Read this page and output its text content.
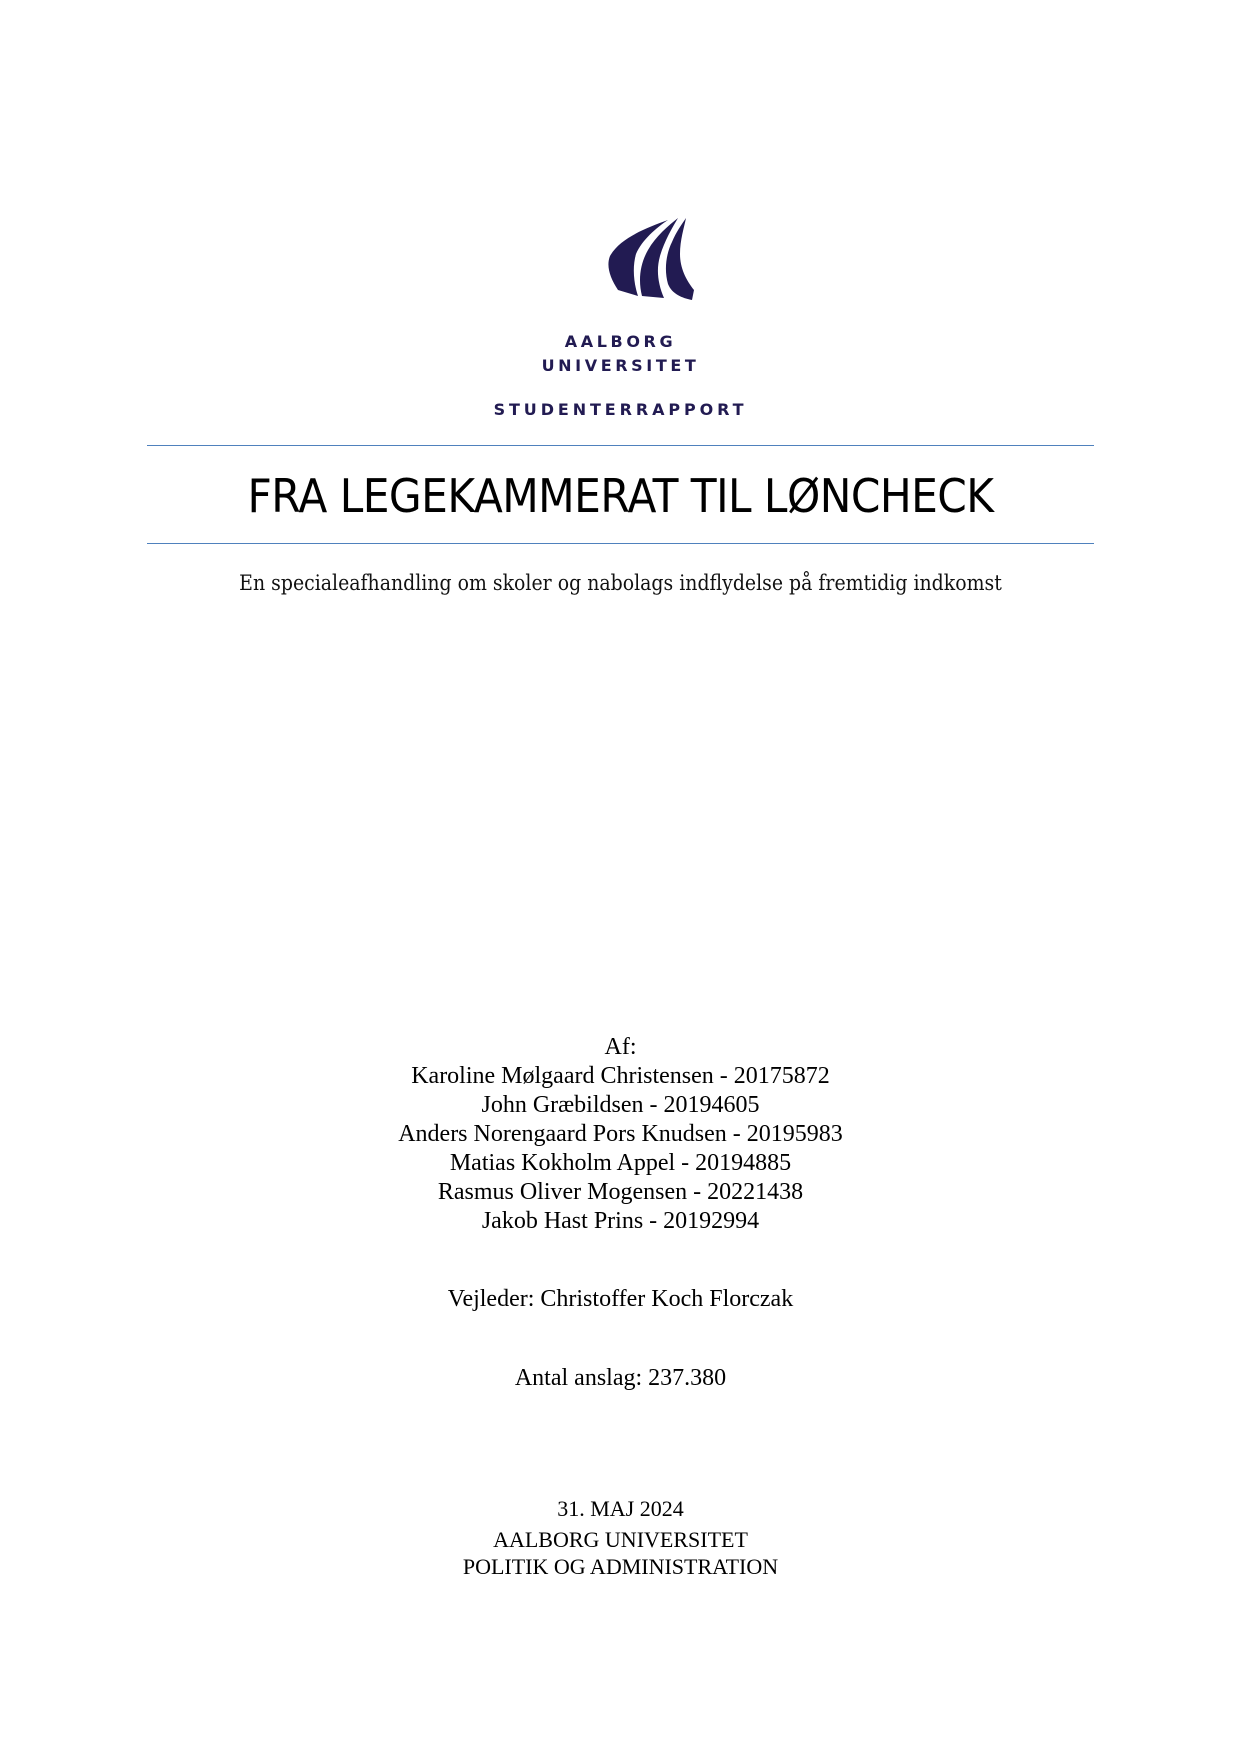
AALBORG
UNIVERSITET
STUDENTERRAPPORT
FRA LEGEKAMMERAT TIL LØNCHECK
En specialeafhandling om skoler og nabolags indflydelse på fremtidig indkomst
Af:
Karoline Mølgaard Christensen - 20175872
John Græbildsen - 20194605
Anders Norengaard Pors Knudsen - 20195983
Matias Kokholm Appel - 20194885
Rasmus Oliver Mogensen - 20221438
Jakob Hast Prins - 20192994
Vejleder: Christoffer Koch Florczak
Antal anslag: 237.380
31. MAJ 2024
AALBORG UNIVERSITET
POLITIK OG ADMINISTRATION
